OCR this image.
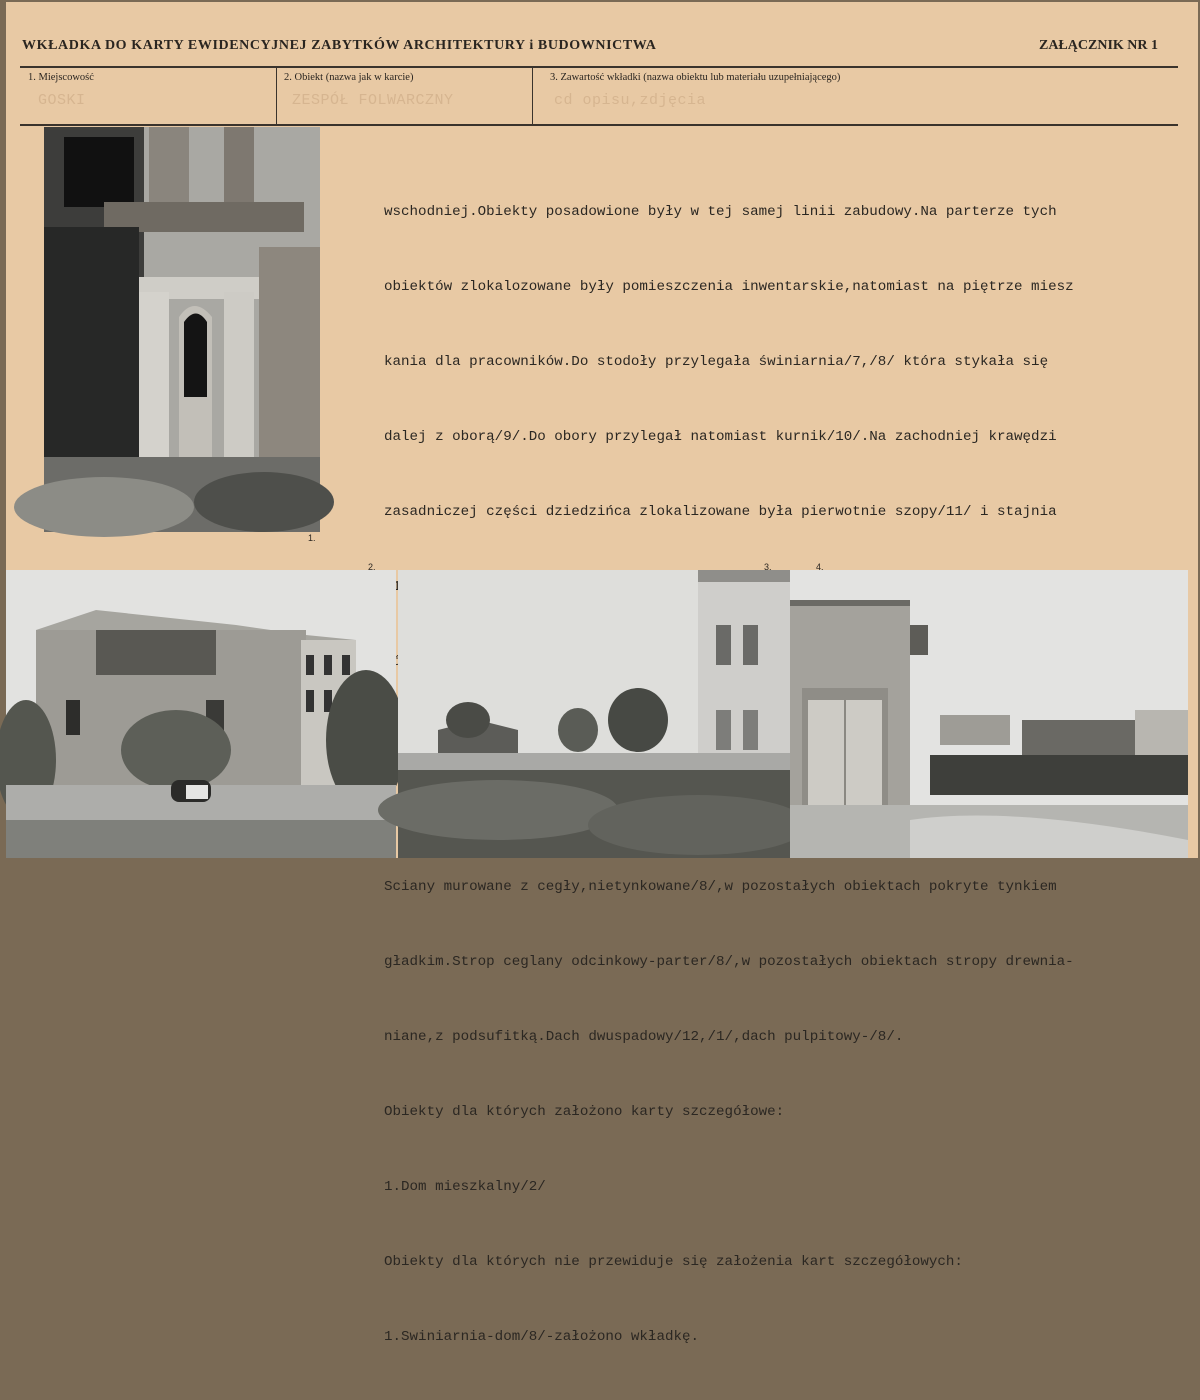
WKŁADKA DO KARTY EWIDENCYJNEJ ZABYTKÓW ARCHITEKTURY i BUDOWNICTWA	ZAŁĄCZNIK NR 1
1. Miejscowość
GOSKI
2. Obiekt (nazwa jak w karcie)
ZESPÓŁ FOLWARCZNY
3. Zawartość wkładki (nazwa obiektu lub materiału uzupełniającego)
cd opisu,zdjęcia

wschodniej.Obiekty posadowione były w tej samej linii zabudowy.Na parterze tych

obiektów zlokalozowane były pomieszczenia inwentarskie,natomiast na piętrze miesz

kania dla pracowników.Do stodoły przylegała świniarnia/7,/8/ która stykała się

dalej z oborą/9/.Do obory przylegał natomiast kurnik/10/.Na zachodniej krawędzi

zasadniczej części dziedzińca zlokalizowane była pierwotnie szopy/11/ i stajnia

Sciany murowane z cegły,nietynkowane/8/,w pozostałych obiektach pokryte tynkiem

gładkim.Strop ceglany odcinkowy-parter/8/,w pozostałych obiektach stropy drewnia-

niane,z podsufitką.Dach dwuspadowy/12,/1/,dach pulpitowy-/8/.

Obiekty dla których założono karty szczegółowe:

1.Dom mieszkalny/2/

Obiekty dla których nie przewiduje się założenia kart szczegółowych:

1.Swiniarnia-dom/8/-założono wkładkę.

1.
2.	3.	4.
